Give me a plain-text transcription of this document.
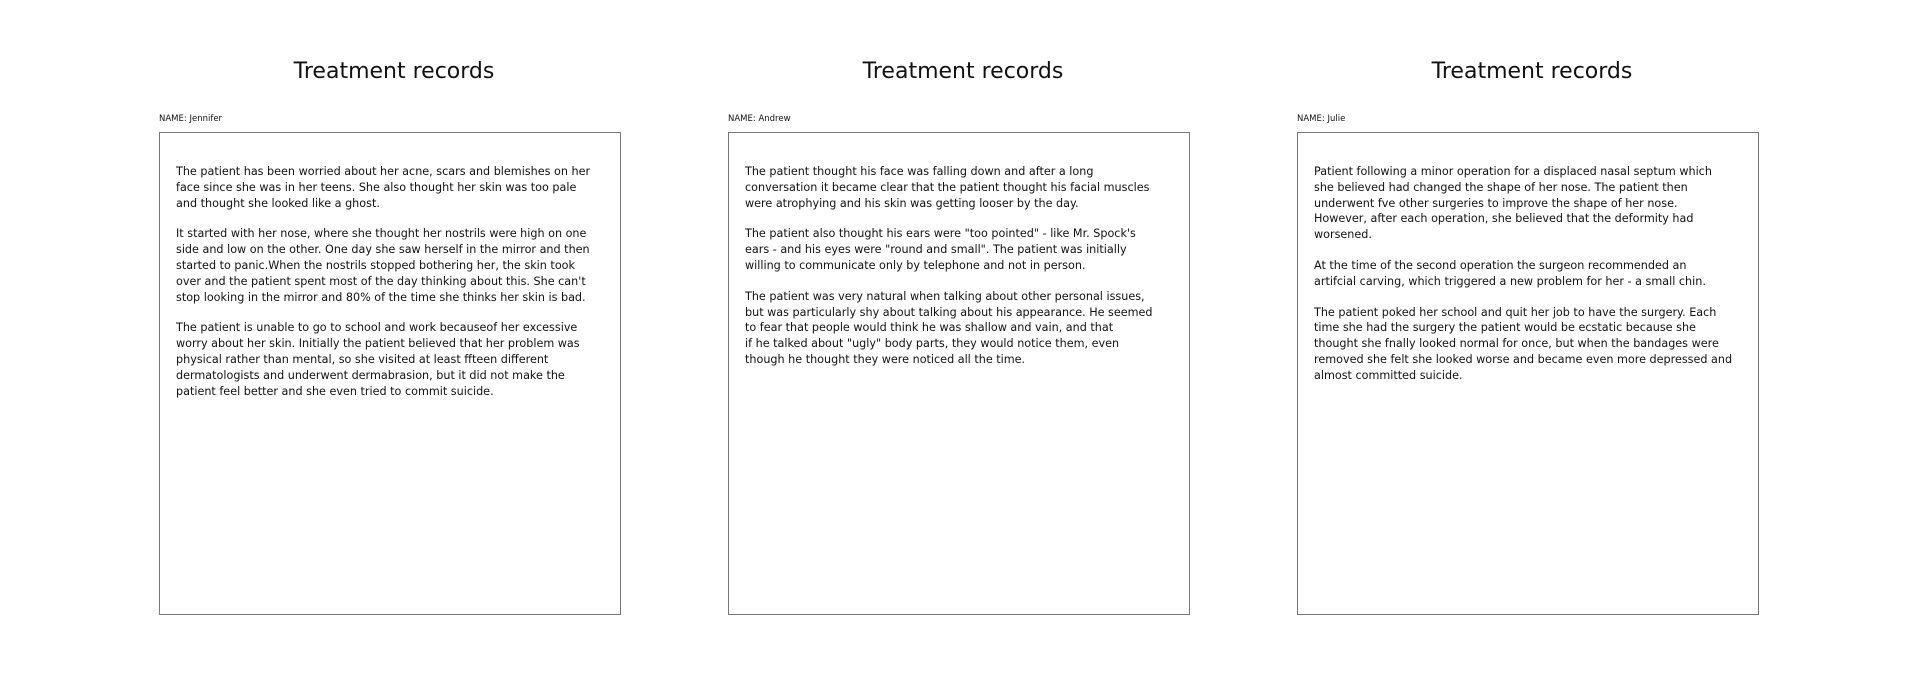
Treatment records
NAME: Jennifer

The patient has been worried about her acne, scars and blemishes on her
face since she was in her teens. She also thought her skin was too pale
and thought she looked like a ghost.

It started with her nose, where she thought her nostrils were high on one
side and low on the other. One day she saw herself in the mirror and then
started to panic.When the nostrils stopped bothering her, the skin took
over and the patient spent most of the day thinking about this. She can't
stop looking in the mirror and 80% of the time she thinks her skin is bad.

The patient is unable to go to school and work becauseof her excessive
worry about her skin. Initially the patient believed that her problem was
physical rather than mental, so she visited at least ffteen different
dermatologists and underwent dermabrasion, but it did not make the
patient feel better and she even tried to commit suicide.

Treatment records
NAME: Andrew

The patient thought his face was falling down and after a long
conversation it became clear that the patient thought his facial muscles
were atrophying and his skin was getting looser by the day.

The patient also thought his ears were "too pointed" - like Mr. Spock's
ears - and his eyes were "round and small". The patient was initially
willing to communicate only by telephone and not in person.

The patient was very natural when talking about other personal issues,
but was particularly shy about talking about his appearance. He seemed
to fear that people would think he was shallow and vain, and that
if he talked about "ugly" body parts, they would notice them, even
though he thought they were noticed all the time.

Treatment records
NAME: Julie

Patient following a minor operation for a displaced nasal septum which
she believed had changed the shape of her nose. The patient then
underwent fve other surgeries to improve the shape of her nose.
However, after each operation, she believed that the deformity had
worsened.

At the time of the second operation the surgeon recommended an
artifcial carving, which triggered a new problem for her - a small chin.

The patient poked her school and quit her job to have the surgery. Each
time she had the surgery the patient would be ecstatic because she
thought she fnally looked normal for once, but when the bandages were
removed she felt she looked worse and became even more depressed and
almost committed suicide.
